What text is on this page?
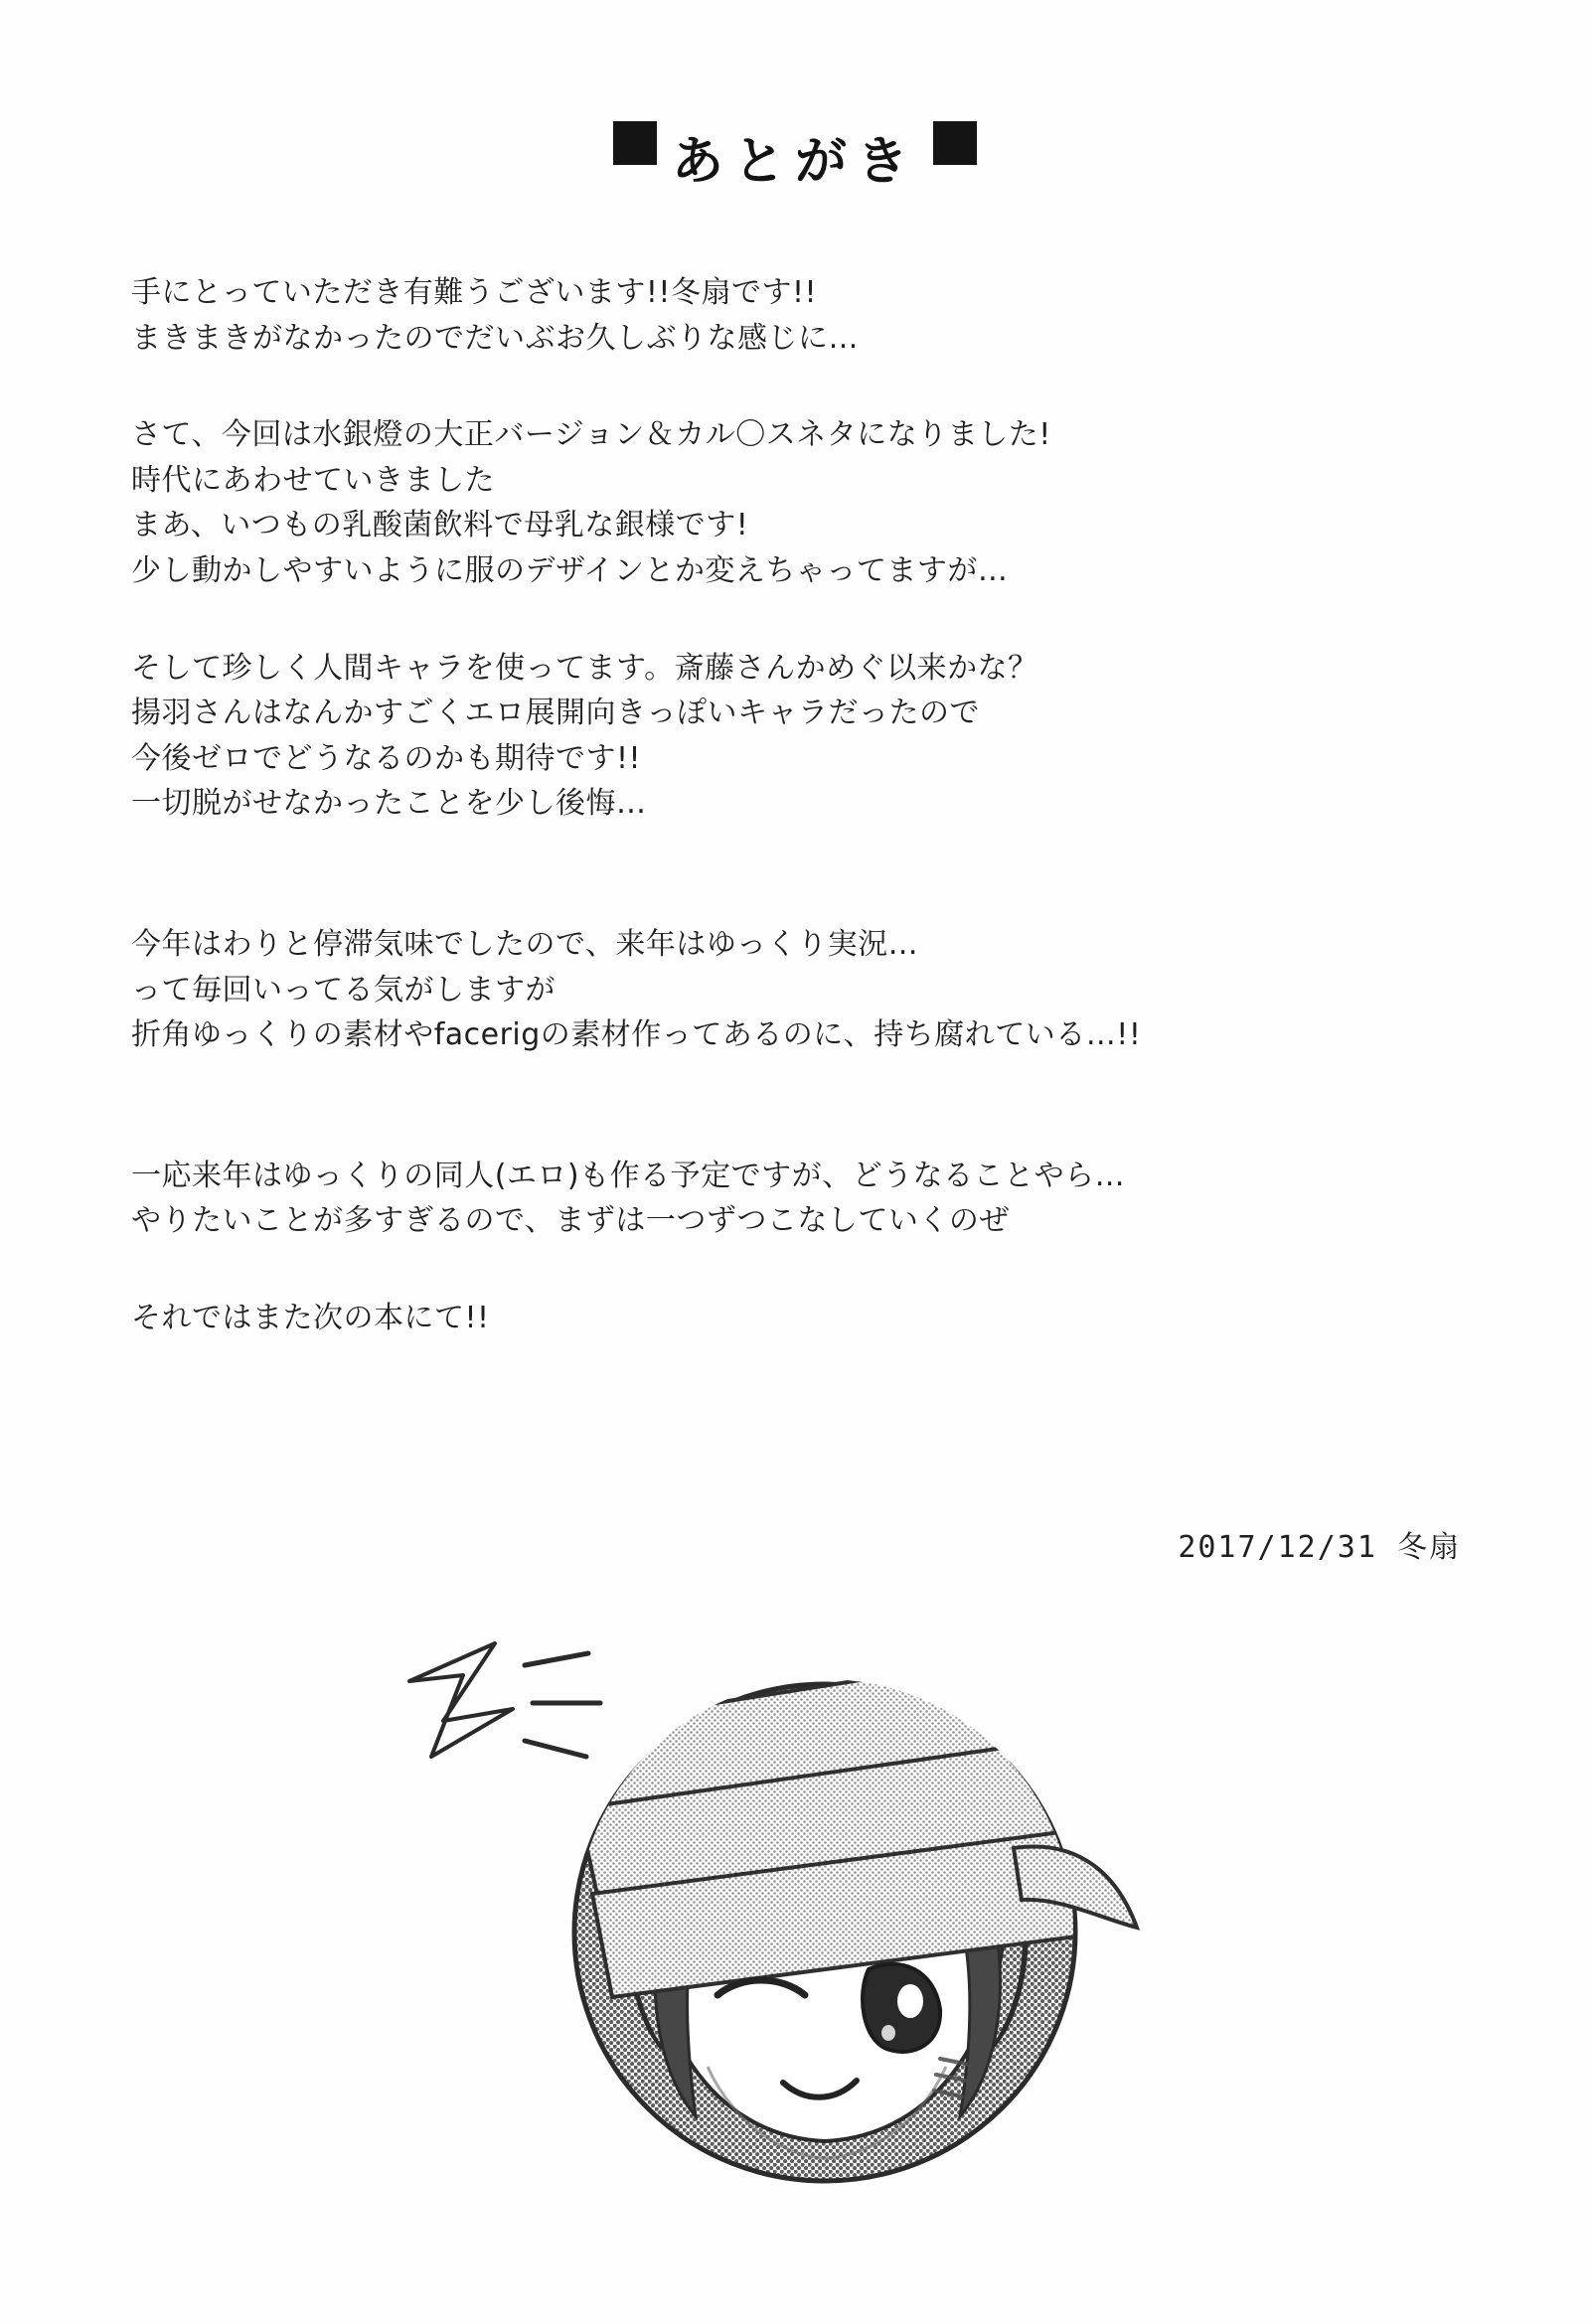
あとがき
手にとっていただき有難うございます!!冬扇です!!
まきまきがなかったのでだいぶお久しぶりな感じに…
さて、今回は水銀燈の大正バージョン＆カル〇スネタになりました!
時代にあわせていきました
まあ、いつもの乳酸菌飲料で母乳な銀様です!
少し動かしやすいように服のデザインとか変えちゃってますが…
そして珍しく人間キャラを使ってます。斎藤さんかめぐ以来かな？
揚羽さんはなんかすごくエロ展開向きっぽいキャラだったので
今後ゼロでどうなるのかも期待です!!
一切脱がせなかったことを少し後悔…
今年はわりと停滞気味でしたので、来年はゆっくり実況…
って毎回いってる気がしますが
折角ゆっくりの素材やfacerigの素材作ってあるのに、持ち腐れている…!!
一応来年はゆっくりの同人(エロ)も作る予定ですが、どうなることやら…
やりたいことが多すぎるので、まずは一つずつこなしていくのぜ
それではまた次の本にて!!
2017/12/31 冬扇
